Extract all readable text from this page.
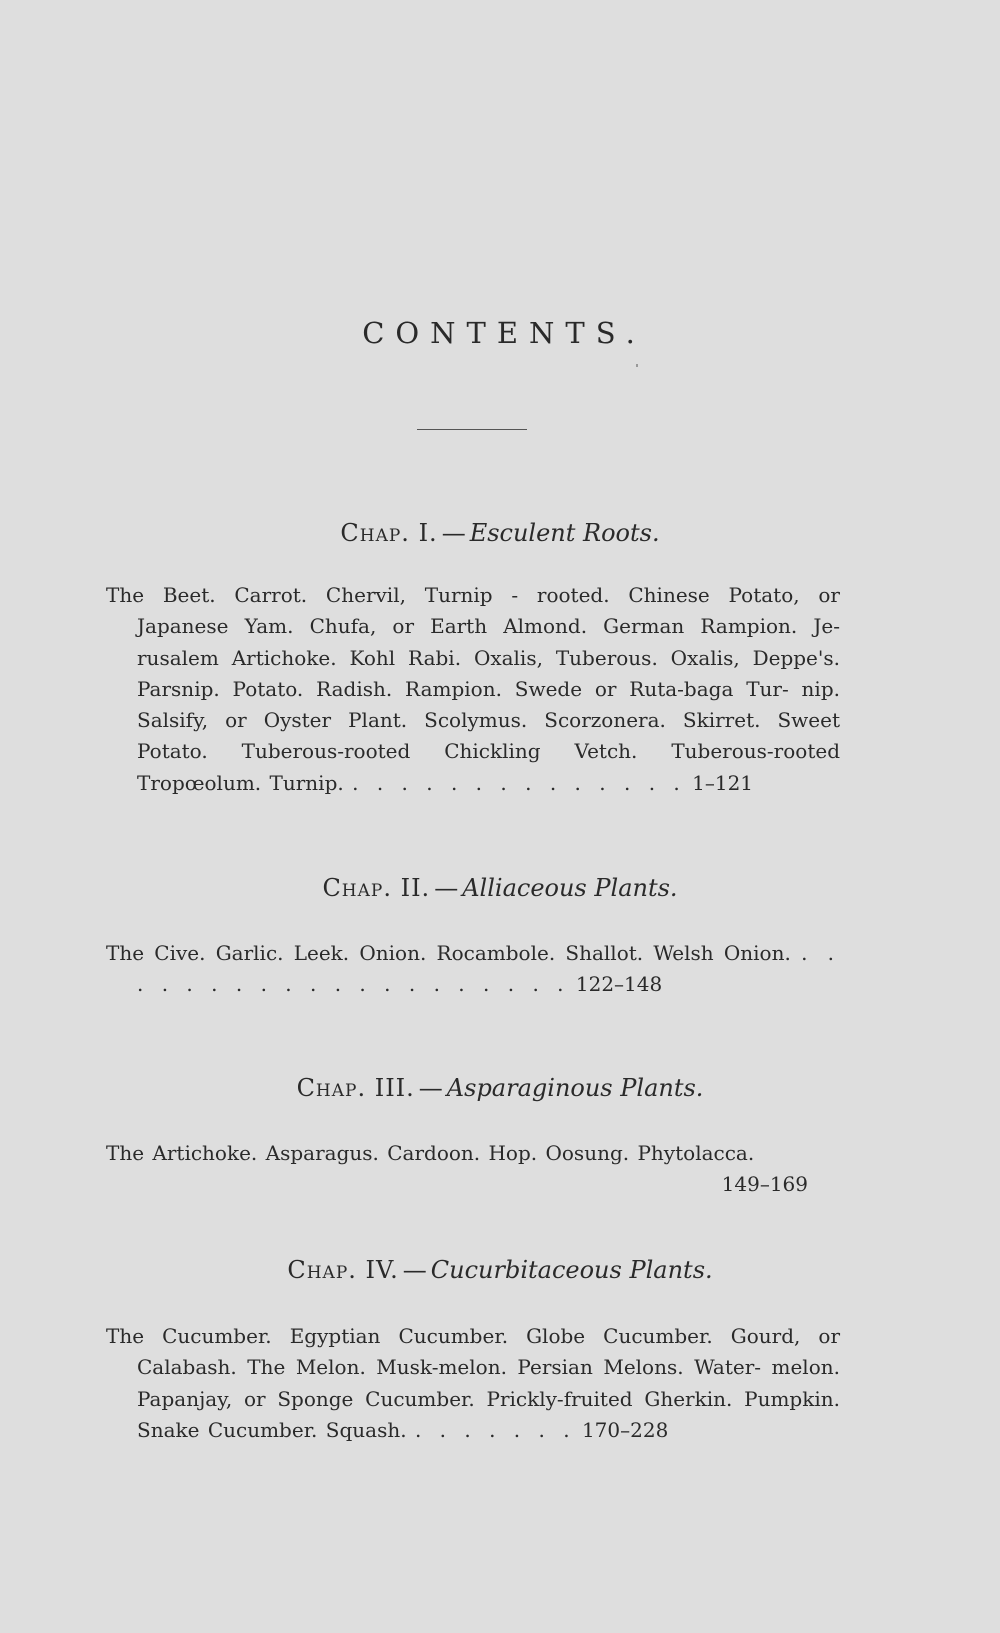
CONTENTS.
Chap. I. — Esculent Roots.
The Beet. Carrot. Chervil, Turnip - rooted. Chinese Potato, or Japanese Yam. Chufa, or Earth Almond. German Rampion. Je- rusalem Artichoke. Kohl Rabi. Oxalis, Tuberous. Oxalis, Deppe's. Parsnip. Potato. Radish. Rampion. Swede or Ruta-baga Tur- nip. Salsify, or Oyster Plant. Scolymus. Scorzonera. Skirret. Sweet Potato. Tuberous-rooted Chickling Vetch. Tuberous-rooted Tropœolum. Turnip. . . . . . . . . . . . . . . 1–121
Chap. II. — Alliaceous Plants.
The Cive. Garlic. Leek. Onion. Rocambole. Shallot. Welsh Onion. . . . . . . . . . . . . . . . . . . . . 122–148
Chap. III. — Asparaginous Plants.
The Artichoke. Asparagus. Cardoon. Hop. Oosung. Phytolacca.
149–169
Chap. IV. — Cucurbitaceous Plants.
The Cucumber. Egyptian Cucumber. Globe Cucumber. Gourd, or Calabash. The Melon. Musk-melon. Persian Melons. Water- melon. Papanjay, or Sponge Cucumber. Prickly-fruited Gherkin. Pumpkin. Snake Cucumber. Squash. . . . . . . . 170–228
